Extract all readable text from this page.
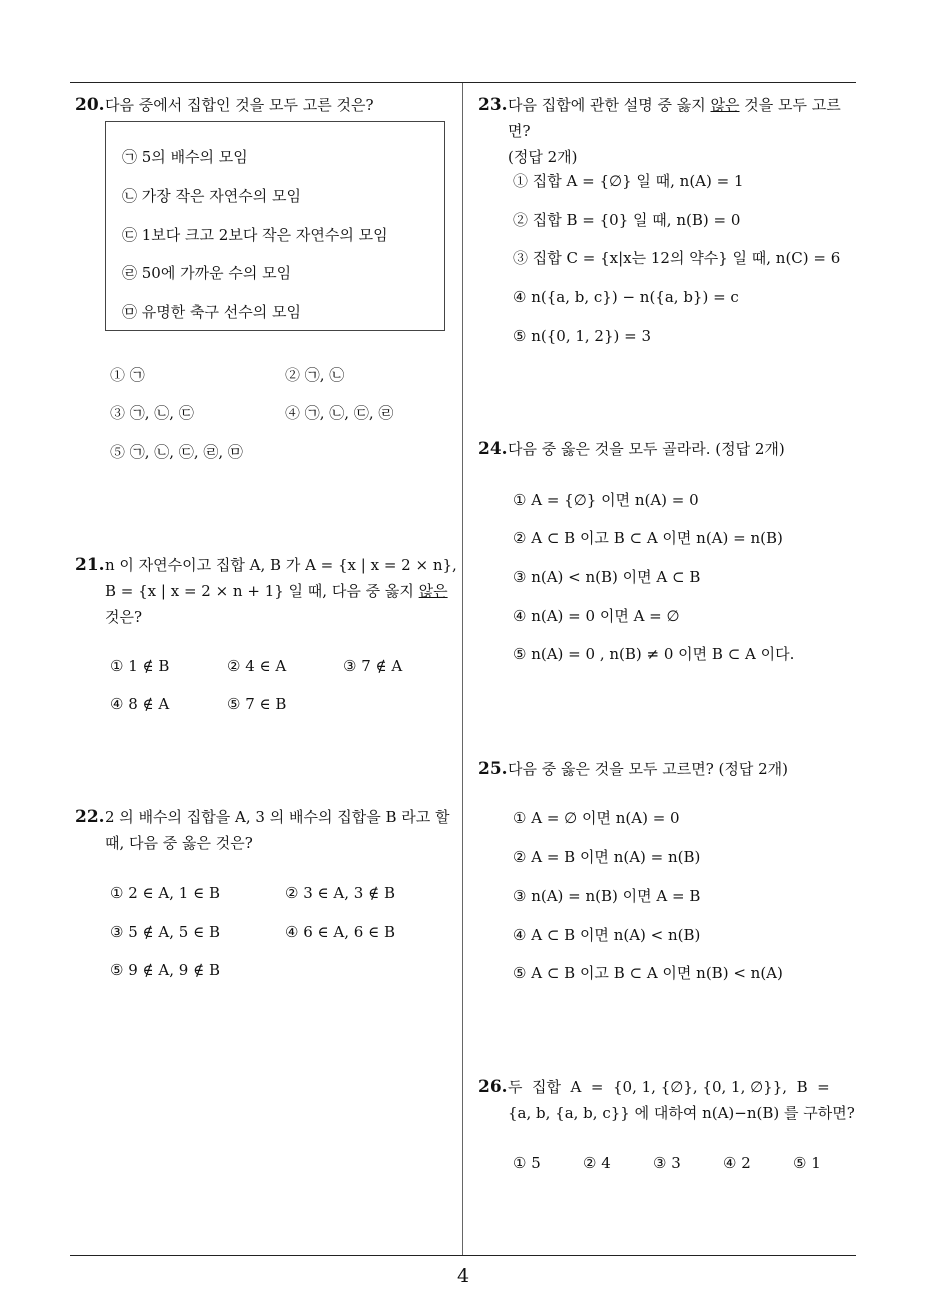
20. 다음 중에서 집합인 것을 모두 고른 것은?
㉠ 5의 배수의 모임
㉡ 가장 작은 자연수의 모임
㉢ 1보다 크고 2보다 작은 자연수의 모임
㉣ 50에 가까운 수의 모임
㉤ 유명한 축구 선수의 모임
① ㉠	② ㉠, ㉡
③ ㉠, ㉡, ㉢	④ ㉠, ㉡, ㉢, ㉣
⑤ ㉠, ㉡, ㉢, ㉣, ㉤
21. n 이 자연수이고 집합 A, B 가 A = {x | x = 2 × n},
B = {x | x = 2 × n + 1} 일 때, 다음 중 옳지 않은
것은?
① 1 ∉ B	② 4 ∈ A	③ 7 ∉ A
④ 8 ∉ A	⑤ 7 ∈ B
22. 2 의 배수의 집합을 A, 3 의 배수의 집합을 B 라고 할
때, 다음 중 옳은 것은?
① 2 ∈ A, 1 ∈ B	② 3 ∈ A, 3 ∉ B
③ 5 ∉ A, 5 ∈ B	④ 6 ∈ A, 6 ∈ B
⑤ 9 ∉ A, 9 ∉ B
23. 다음 집합에 관한 설명 중 옳지 않은 것을 모두 고르면?
(정답 2개)
① 집합 A = {∅} 일 때, n(A) = 1
② 집합 B = {0} 일 때, n(B) = 0
③ 집합 C = {x|x는 12의 약수} 일 때, n(C) = 6
④ n({a, b, c}) − n({a, b}) = c
⑤ n({0, 1, 2}) = 3
24. 다음 중 옳은 것을 모두 골라라. (정답 2개)
① A = {∅} 이면 n(A) = 0
② A ⊂ B 이고 B ⊂ A 이면 n(A) = n(B)
③ n(A) < n(B) 이면 A ⊂ B
④ n(A) = 0 이면 A = ∅
⑤ n(A) = 0 , n(B) ≠ 0 이면 B ⊂ A 이다.
25. 다음 중 옳은 것을 모두 고르면? (정답 2개)
① A = ∅ 이면 n(A) = 0
② A = B 이면 n(A) = n(B)
③ n(A) = n(B) 이면 A = B
④ A ⊂ B 이면 n(A) < n(B)
⑤ A ⊂ B 이고 B ⊂ A 이면 n(B) < n(A)
26. 두  집합  A  =  {0, 1, {∅}, {0, 1, ∅}},  B  =
{a, b, {a, b, c}} 에 대하여 n(A)−n(B) 를 구하면?
① 5	② 4	③ 3	④ 2	⑤ 1
4
